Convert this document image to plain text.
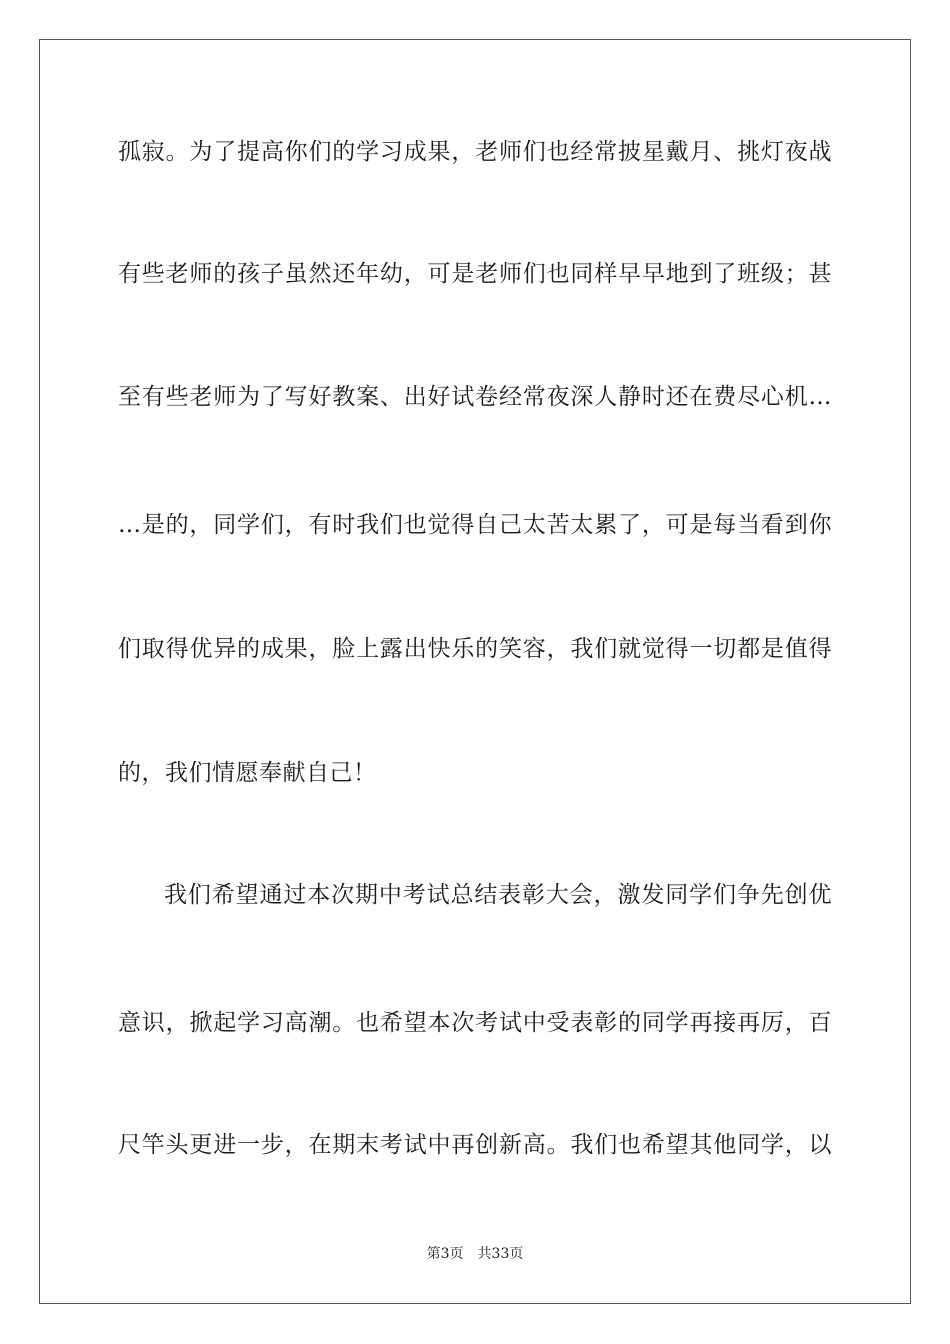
孤寂。为了提高你们的学习成果，老师们也经常披星戴月、挑灯夜战
有些老师的孩子虽然还年幼，可是老师们也同样早早地到了班级；甚
至有些老师为了写好教案、出好试卷经常夜深人静时还在费尽心机…
…是的，同学们，有时我们也觉得自己太苦太累了，可是每当看到你
们取得优异的成果，脸上露出快乐的笑容，我们就觉得一切都是值得
的，我们情愿奉献自己！
我们希望通过本次期中考试总结表彰大会，激发同学们争先创优
意识，掀起学习高潮。也希望本次考试中受表彰的同学再接再厉，百
尺竿头更进一步，在期末考试中再创新高。我们也希望其他同学，以
第3页 共33页
